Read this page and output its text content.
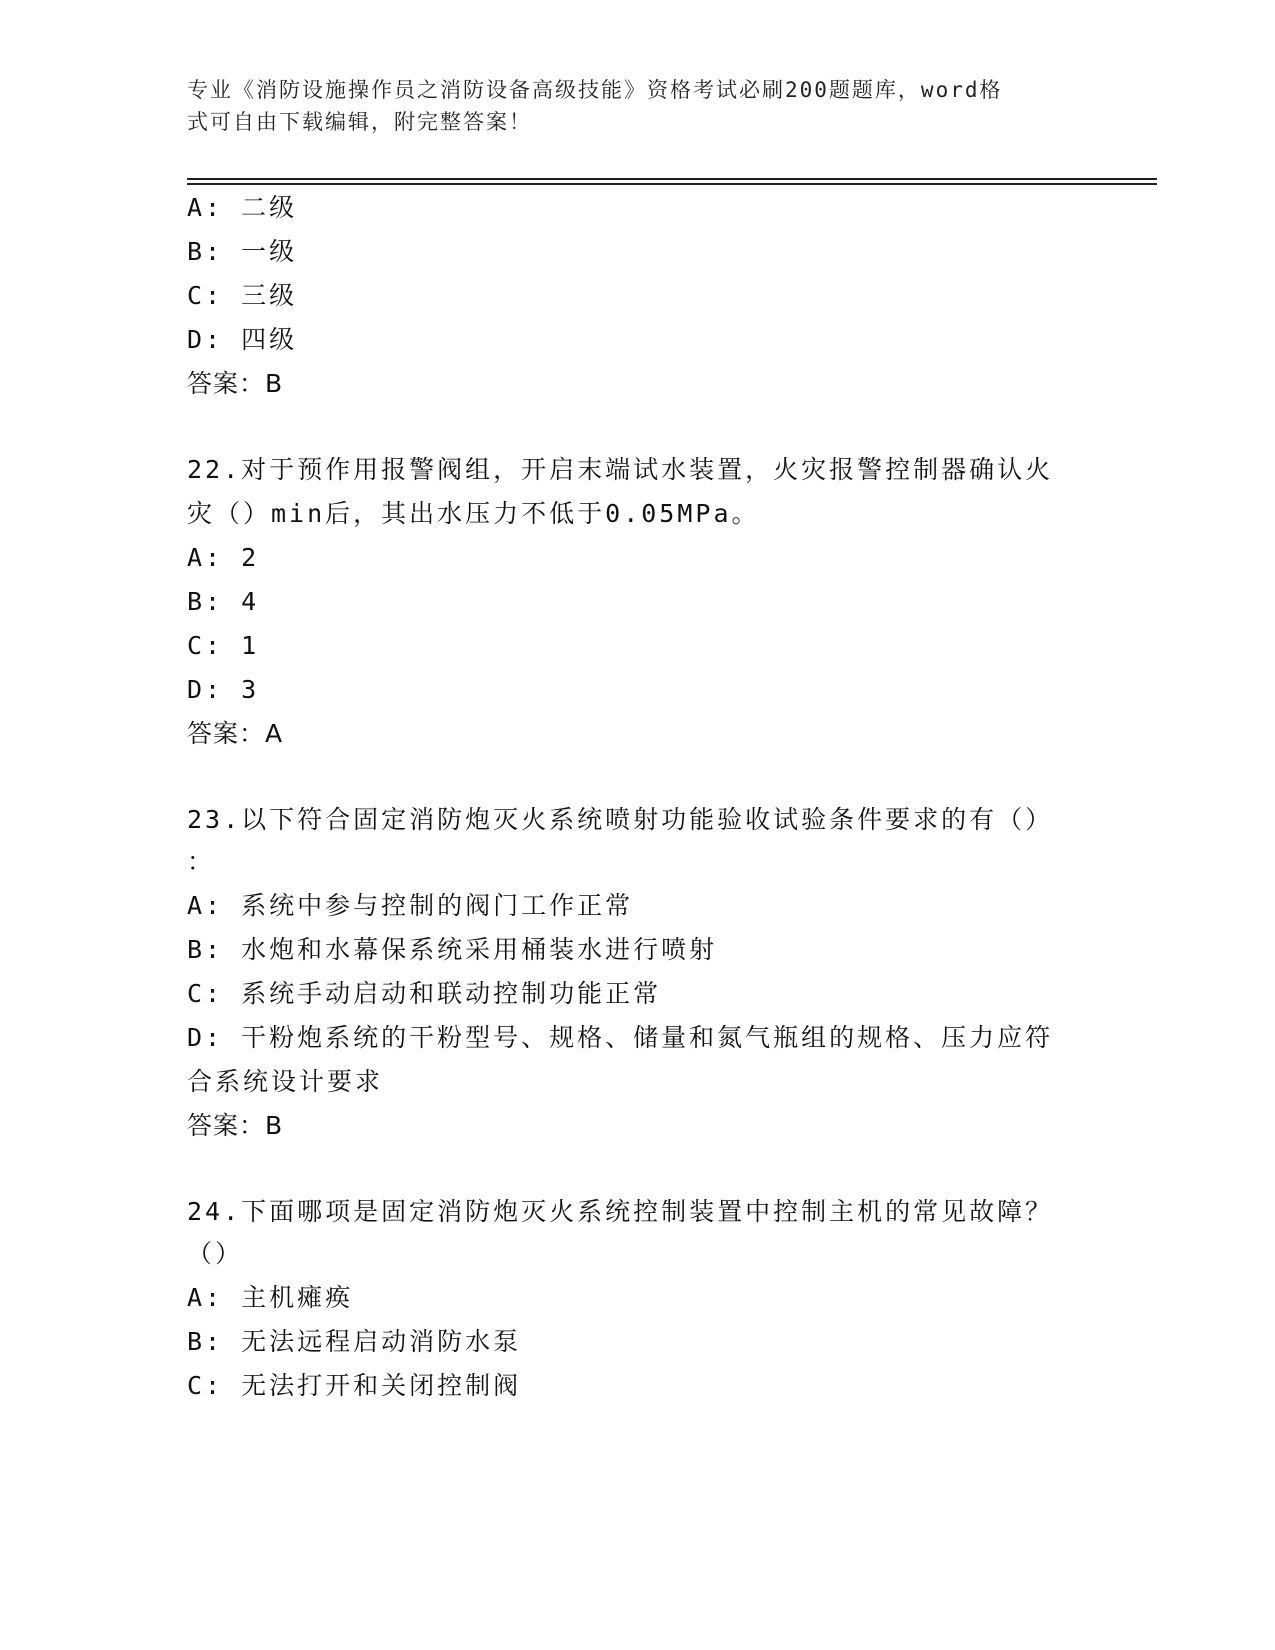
专业《消防设施操作员之消防设备高级技能》资格考试必刷200题题库，word格
式可自由下载编辑，附完整答案！
A: 二级
B: 一级
C: 三级
D: 四级
答案：B
22.对于预作用报警阀组，开启末端试水装置，火灾报警控制器确认火
灾（）min后，其出水压力不低于0.05MPa。
A: 2
B: 4
C: 1
D: 3
答案：A
23.以下符合固定消防炮灭火系统喷射功能验收试验条件要求的有（）
：
A: 系统中参与控制的阀门工作正常
B: 水炮和水幕保系统采用桶装水进行喷射
C: 系统手动启动和联动控制功能正常
D: 干粉炮系统的干粉型号、规格、储量和氮气瓶组的规格、压力应符
合系统设计要求
答案：B
24.下面哪项是固定消防炮灭火系统控制装置中控制主机的常见故障？
（）
A: 主机瘫痪
B: 无法远程启动消防水泵
C: 无法打开和关闭控制阀
